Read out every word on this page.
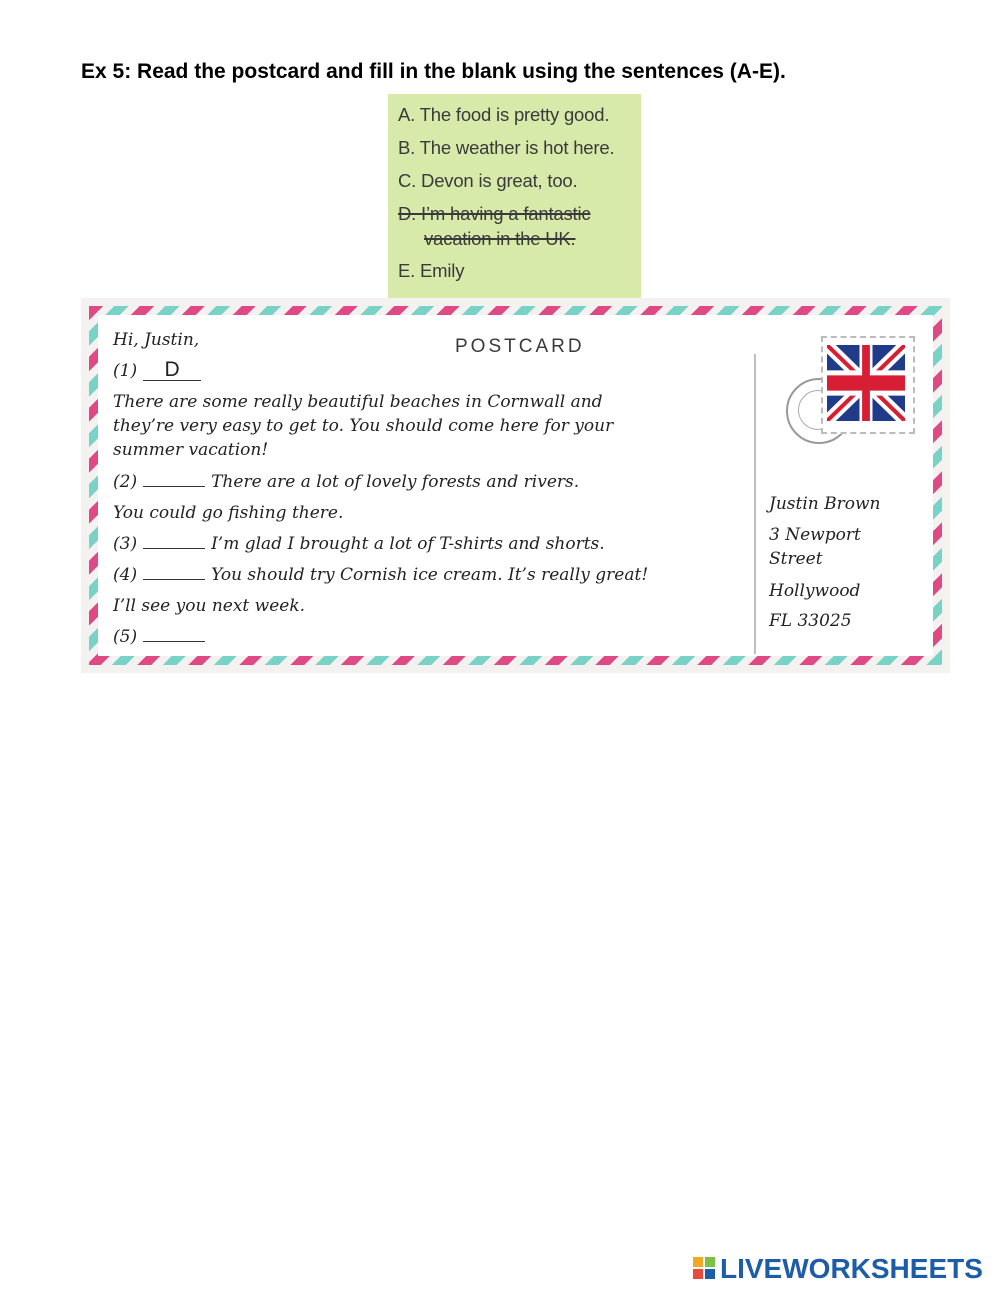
Ex 5: Read the postcard and fill in the blank using the sentences (A-E).
A. The food is pretty good.
B. The weather is hot here.
C. Devon is great, too.
D. I’m having a fantastic
vacation in the UK.
E. Emily
POSTCARD
Hi, Justin,
(1) D
There are some really beautiful beaches in Cornwall and
they’re very easy to get to. You should come here for your
summer vacation!
(2)	There are a lot of lovely forests and rivers.
You could go fishing there.
(3)	I’m glad I brought a lot of T-shirts and shorts.
(4)	You should try Cornish ice cream. It’s really great!
I’ll see you next week.
(5)
Justin Brown
3 Newport
Street
Hollywood
FL 33025
LIVEWORKSHEETS
